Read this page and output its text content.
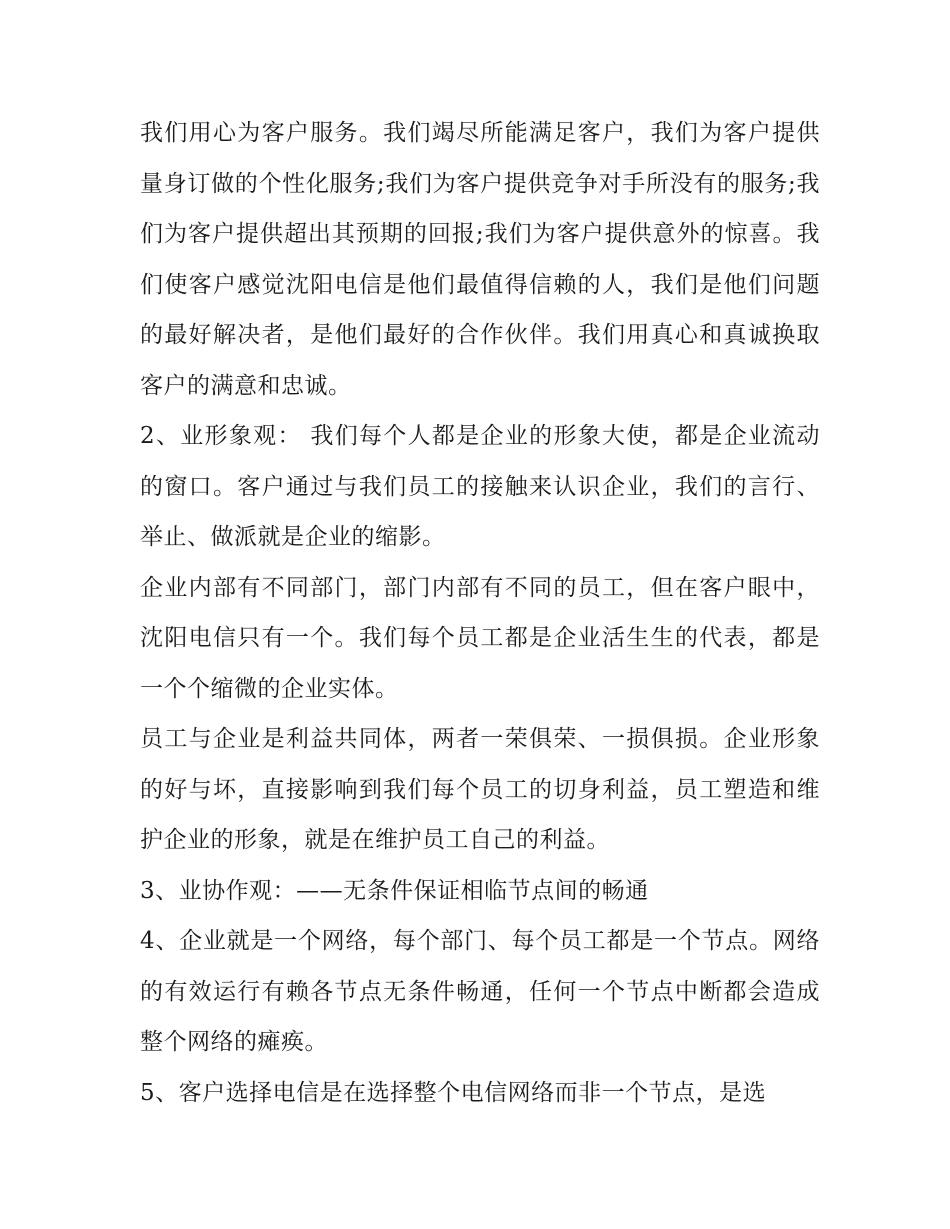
我们用心为客户服务。我们竭尽所能满足客户，我们为客户提供量身订做的个性化服务;我们为客户提供竞争对手所没有的服务;我们为客户提供超出其预期的回报;我们为客户提供意外的惊喜。我们使客户感觉沈阳电信是他们最值得信赖的人，我们是他们问题的最好解决者，是他们最好的合作伙伴。我们用真心和真诚换取客户的满意和忠诚。

2、业形象观： 我们每个人都是企业的形象大使，都是企业流动的窗口。客户通过与我们员工的接触来认识企业，我们的言行、举止、做派就是企业的缩影。

企业内部有不同部门，部门内部有不同的员工，但在客户眼中，沈阳电信只有一个。我们每个员工都是企业活生生的代表，都是一个个缩微的企业实体。

员工与企业是利益共同体，两者一荣俱荣、一损俱损。企业形象的好与坏，直接影响到我们每个员工的切身利益，员工塑造和维护企业的形象，就是在维护员工自己的利益。

3、业协作观：——无条件保证相临节点间的畅通

4、企业就是一个网络，每个部门、每个员工都是一个节点。网络的有效运行有赖各节点无条件畅通，任何一个节点中断都会造成整个网络的瘫痪。

5、客户选择电信是在选择整个电信网络而非一个节点，是选
